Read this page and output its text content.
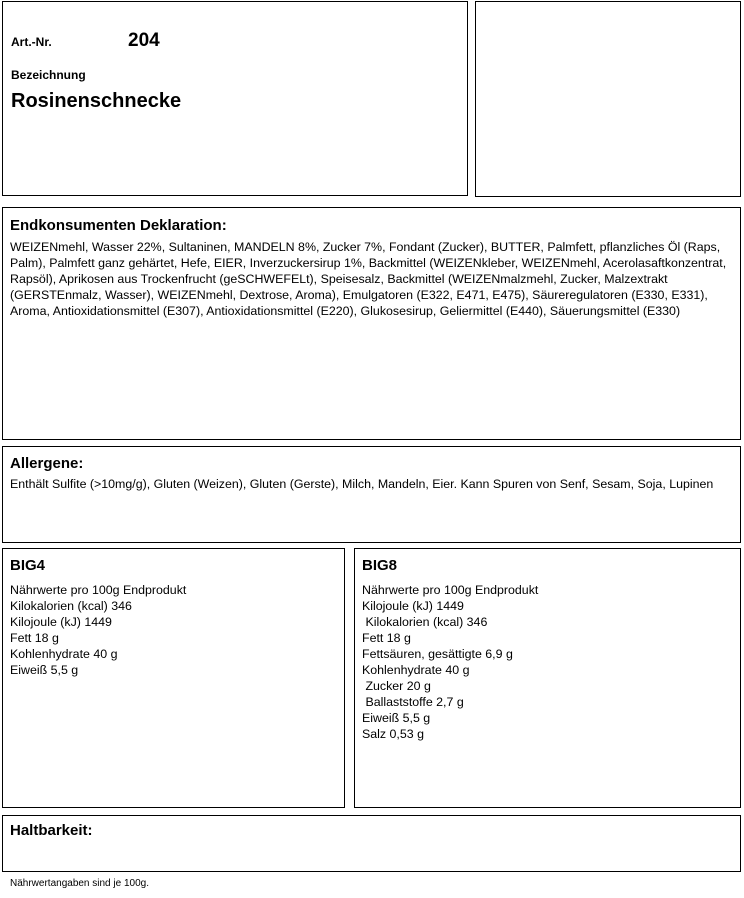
Art.-Nr.	204
Bezeichnung
Rosinenschnecke
Endkonsumenten Deklaration:
WEIZENmehl, Wasser 22%, Sultaninen, MANDELN 8%, Zucker 7%, Fondant (Zucker), BUTTER, Palmfett, pflanzliches Öl (Raps, Palm), Palmfett ganz gehärtet, Hefe, EIER, Inverzuckersirup 1%, Backmittel (WEIZENkleber, WEIZENmehl, Acerolasaftkonzentrat, Rapsöl), Aprikosen aus Trockenfrucht (geSCHWEFELt), Speisesalz, Backmittel (WEIZENmalzmehl, Zucker, Malzextrakt (GERSTEnmalz, Wasser), WEIZENmehl, Dextrose, Aroma), Emulgatoren (E322, E471, E475), Säureregulatoren (E330, E331), Aroma, Antioxidationsmittel (E307), Antioxidationsmittel (E220), Glukosesirup, Geliermittel (E440), Säuerungsmittel (E330)
Allergene:
Enthält Sulfite (>10mg/g), Gluten (Weizen), Gluten (Gerste), Milch, Mandeln, Eier. Kann Spuren von Senf, Sesam, Soja, Lupinen
BIG4
Nährwerte pro 100g Endprodukt
Kilokalorien (kcal) 346
Kilojoule (kJ) 1449
Fett 18 g
Kohlenhydrate 40 g
Eiweiß 5,5 g
BIG8
Nährwerte pro 100g Endprodukt
Kilojoule (kJ) 1449
Kilokalorien (kcal) 346
Fett 18 g
Fettsäuren, gesättigte 6,9 g
Kohlenhydrate 40 g
Zucker 20 g
Ballaststoffe 2,7 g
Eiweiß 5,5 g
Salz 0,53 g
Haltbarkeit:
Nährwertangaben sind je 100g.
